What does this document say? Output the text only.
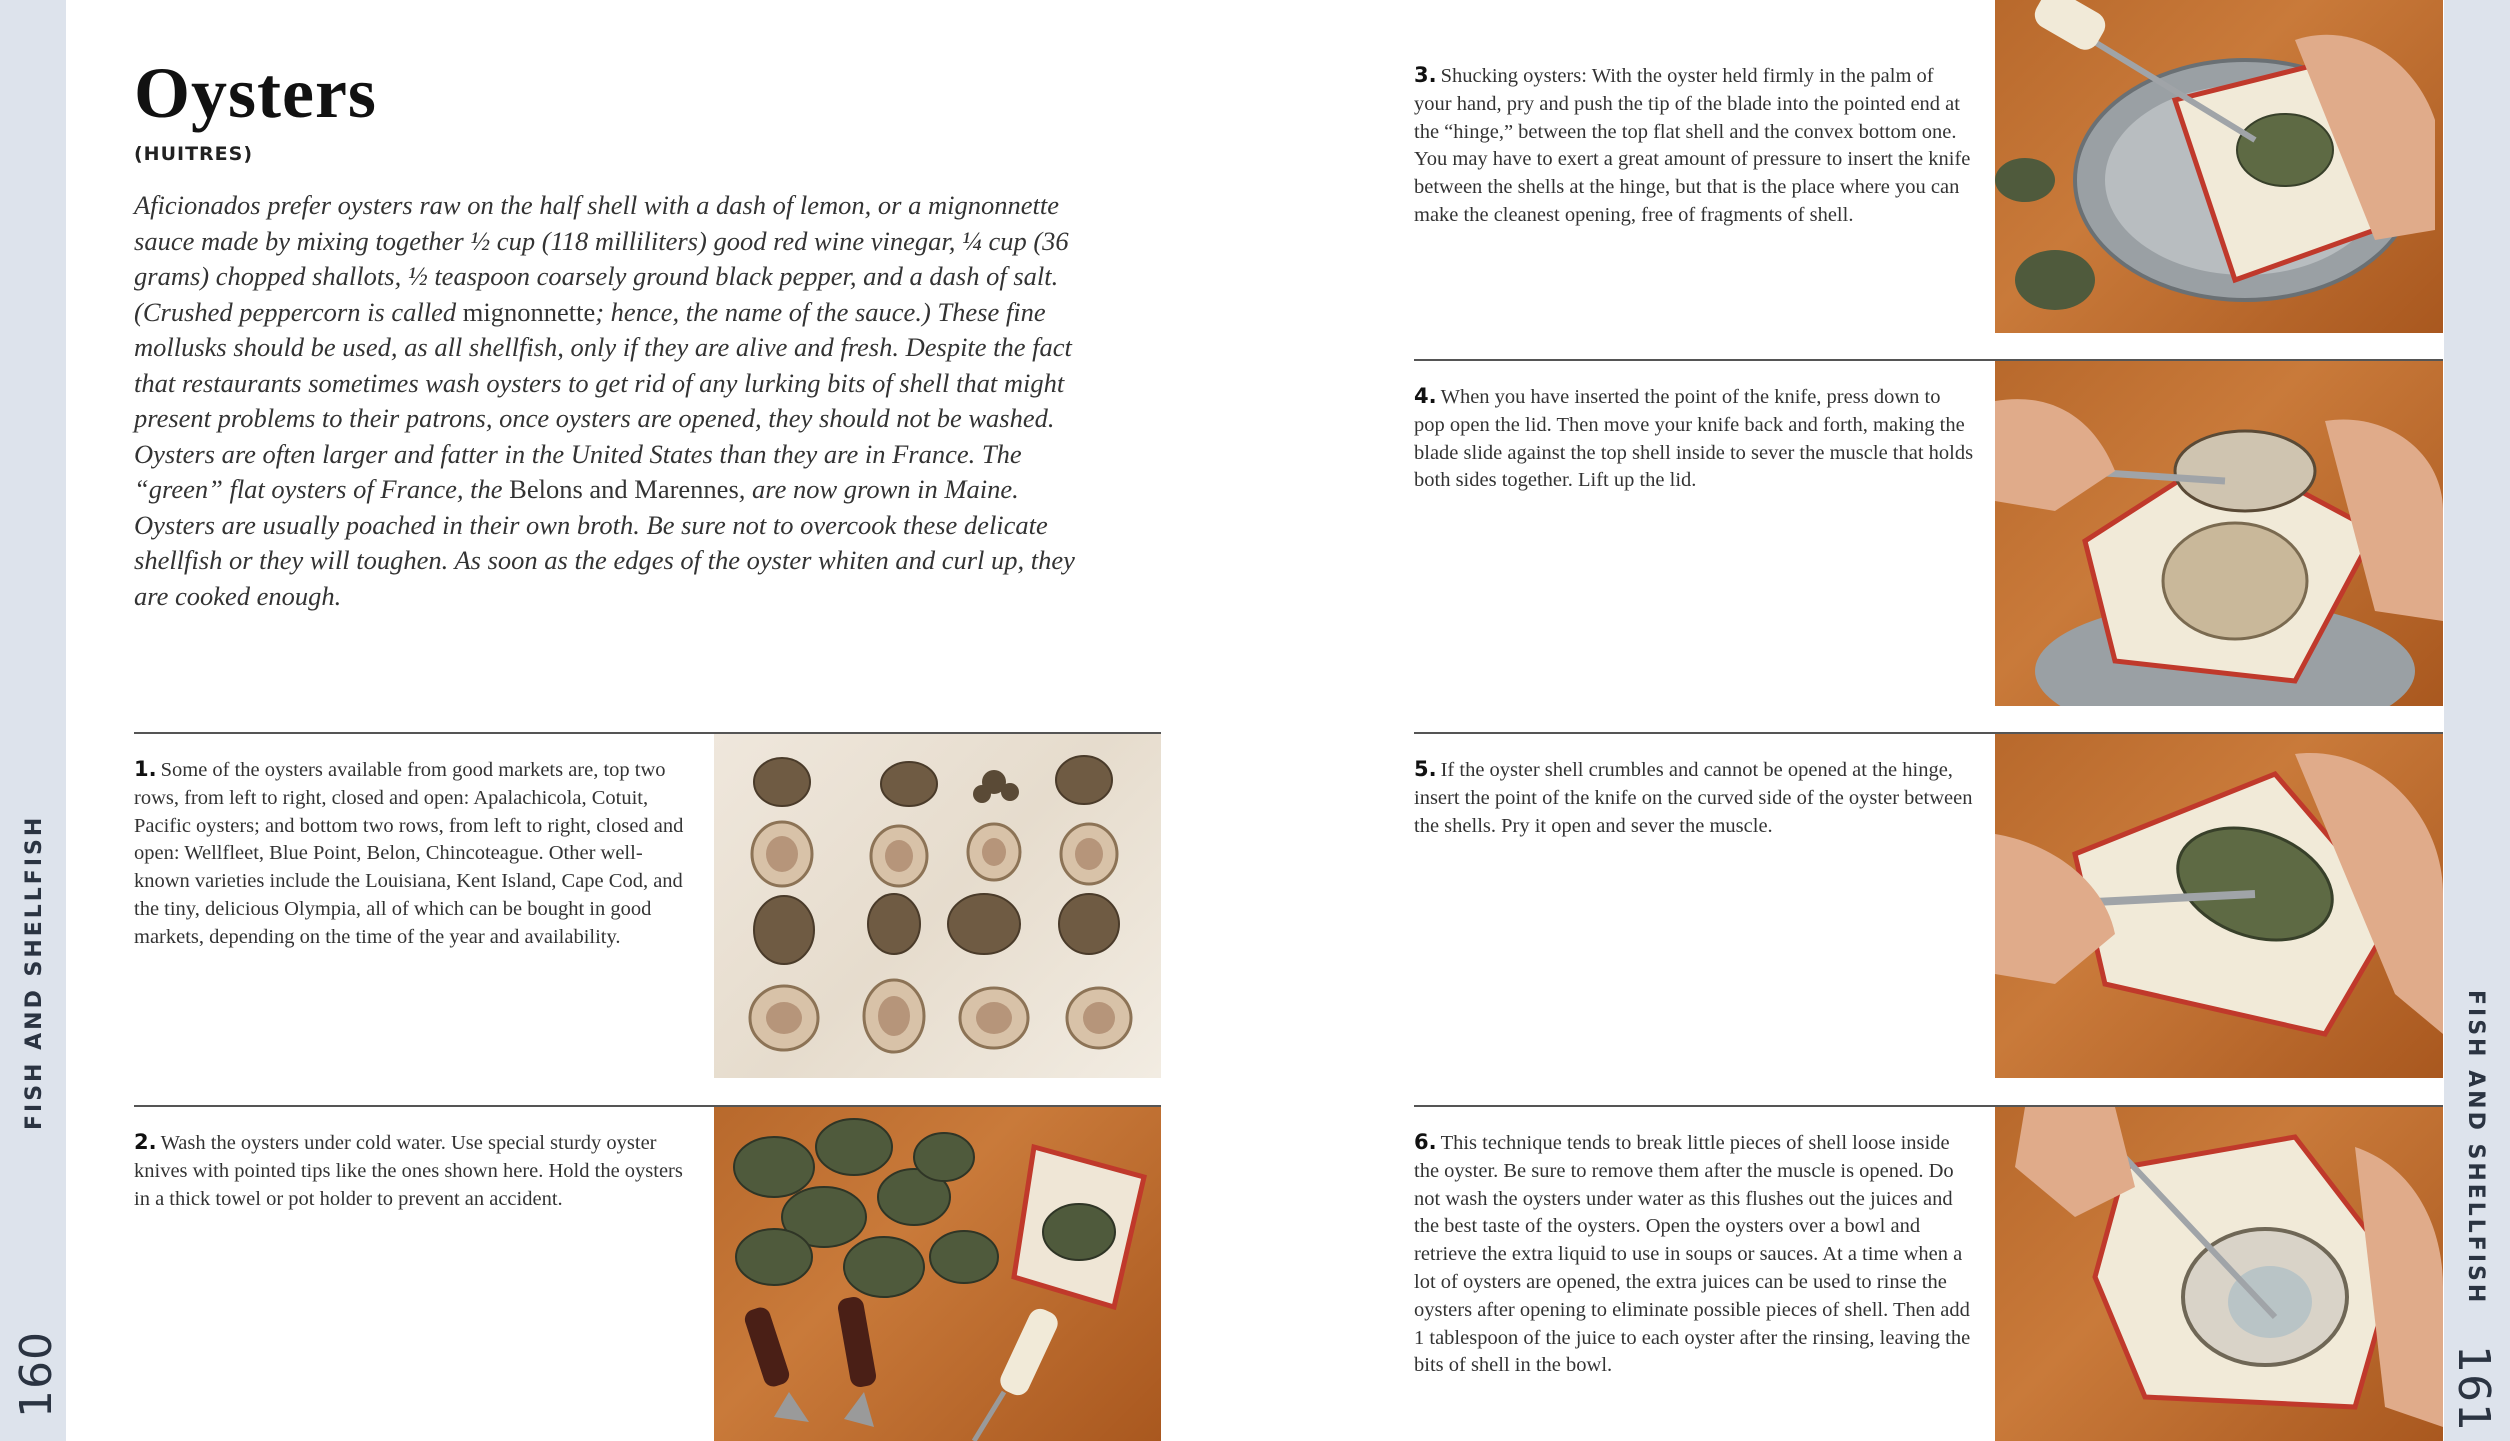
FISH AND SHELLFISH
160
FISH AND SHELLFISH
161
Oysters
(HUITRES)
Aficionados prefer oysters raw on the half shell with a dash of lemon, or a mignonnette sauce made by mixing together ½ cup (118 milliliters) good red wine vinegar, ¼ cup (36 grams) chopped shallots, ½ teaspoon coarsely ground black pepper, and a dash of salt. (Crushed peppercorn is called mignonnette; hence, the name of the sauce.) These fine mollusks should be used, as all shellfish, only if they are alive and fresh. Despite the fact that restaurants sometimes wash oysters to get rid of any lurking bits of shell that might present problems to their patrons, once oysters are opened, they should not be washed. Oysters are often larger and fatter in the United States than they are in France. The “green” flat oysters of France, the Belons and Marennes, are now grown in Maine. Oysters are usually poached in their own broth. Be sure not to overcook these delicate shellfish or they will toughen. As soon as the edges of the oyster whiten and curl up, they are cooked enough.
1. Some of the oysters available from good markets are, top two rows, from left to right, closed and open: Apalachicola, Cotuit, Pacific oysters; and bottom two rows, from left to right, closed and open: Wellfleet, Blue Point, Belon, Chincoteague. Other well-known varieties include the Louisiana, Kent Island, Cape Cod, and the tiny, delicious Olympia, all of which can be bought in good markets, depending on the time of the year and availability.
2. Wash the oysters under cold water. Use special sturdy oyster knives with pointed tips like the ones shown here. Hold the oysters in a thick towel or pot holder to prevent an accident.
3. Shucking oysters: With the oyster held firmly in the palm of your hand, pry and push the tip of the blade into the pointed end at the “hinge,” between the top flat shell and the convex bottom one. You may have to exert a great amount of pressure to insert the knife between the shells at the hinge, but that is the place where you can make the cleanest opening, free of fragments of shell.
4. When you have inserted the point of the knife, press down to pop open the lid. Then move your knife back and forth, making the blade slide against the top shell inside to sever the muscle that holds both sides together. Lift up the lid.
5. If the oyster shell crumbles and cannot be opened at the hinge, insert the point of the knife on the curved side of the oyster between the shells. Pry it open and sever the muscle.
6. This technique tends to break little pieces of shell loose inside the oyster. Be sure to remove them after the muscle is opened. Do not wash the oysters under water as this flushes out the juices and the best taste of the oysters. Open the oysters over a bowl and retrieve the extra liquid to use in soups or sauces. At a time when a lot of oysters are opened, the extra juices can be used to rinse the oysters after opening to eliminate possible pieces of shell. Then add 1 tablespoon of the juice to each oyster after the rinsing, leaving the bits of shell in the bowl.
